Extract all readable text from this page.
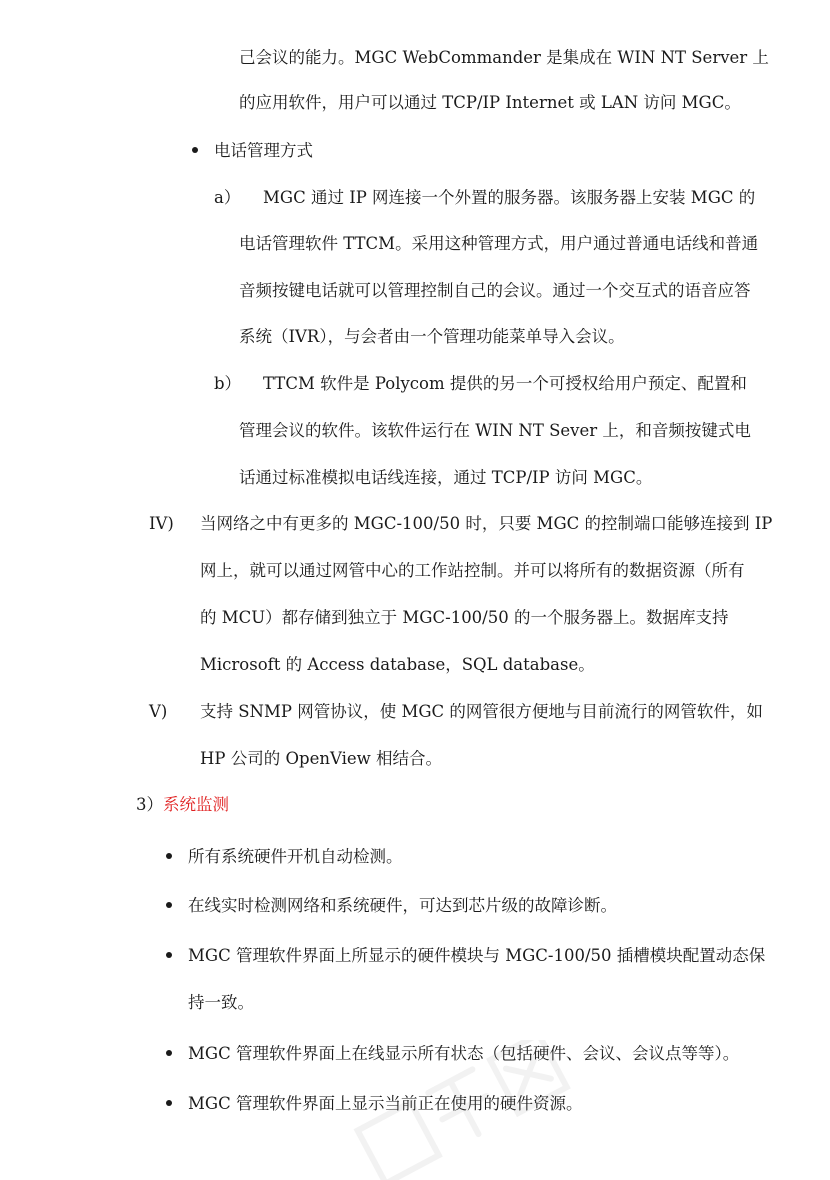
己会议的能力。MGC WebCommander 是集成在 WIN NT Server 上
的应用软件，用户可以通过 TCP/IP Internet 或 LAN 访问 MGC。
电话管理方式
a） MGC 通过 IP 网连接一个外置的服务器。该服务器上安装 MGC 的
电话管理软件 TTCM。采用这种管理方式，用户通过普通电话线和普通
音频按键电话就可以管理控制自己的会议。通过一个交互式的语音应答
系统（IVR），与会者由一个管理功能菜单导入会议。
b） TTCM 软件是 Polycom 提供的另一个可授权给用户预定、配置和
管理会议的软件。该软件运行在 WIN NT Sever 上，和音频按键式电
话通过标准模拟电话线连接，通过 TCP/IP 访问 MGC。
IV) 当网络之中有更多的 MGC-100/50 时，只要 MGC 的控制端口能够连接到 IP
网上，就可以通过网管中心的工作站控制。并可以将所有的数据资源（所有
的 MCU）都存储到独立于 MGC-100/50 的一个服务器上。数据库支持
Microsoft 的 Access database，SQL database。
V) 支持 SNMP 网管协议，使 MGC 的网管很方便地与目前流行的网管软件，如
HP 公司的 OpenView 相结合。
3）系统监测
所有系统硬件开机自动检测。
在线实时检测网络和系统硬件，可达到芯片级的故障诊断。
MGC 管理软件界面上所显示的硬件模块与 MGC-100/50 插槽模块配置动态保
持一致。
MGC 管理软件界面上在线显示所有状态（包括硬件、会议、会议点等等）。
MGC 管理软件界面上显示当前正在使用的硬件资源。
